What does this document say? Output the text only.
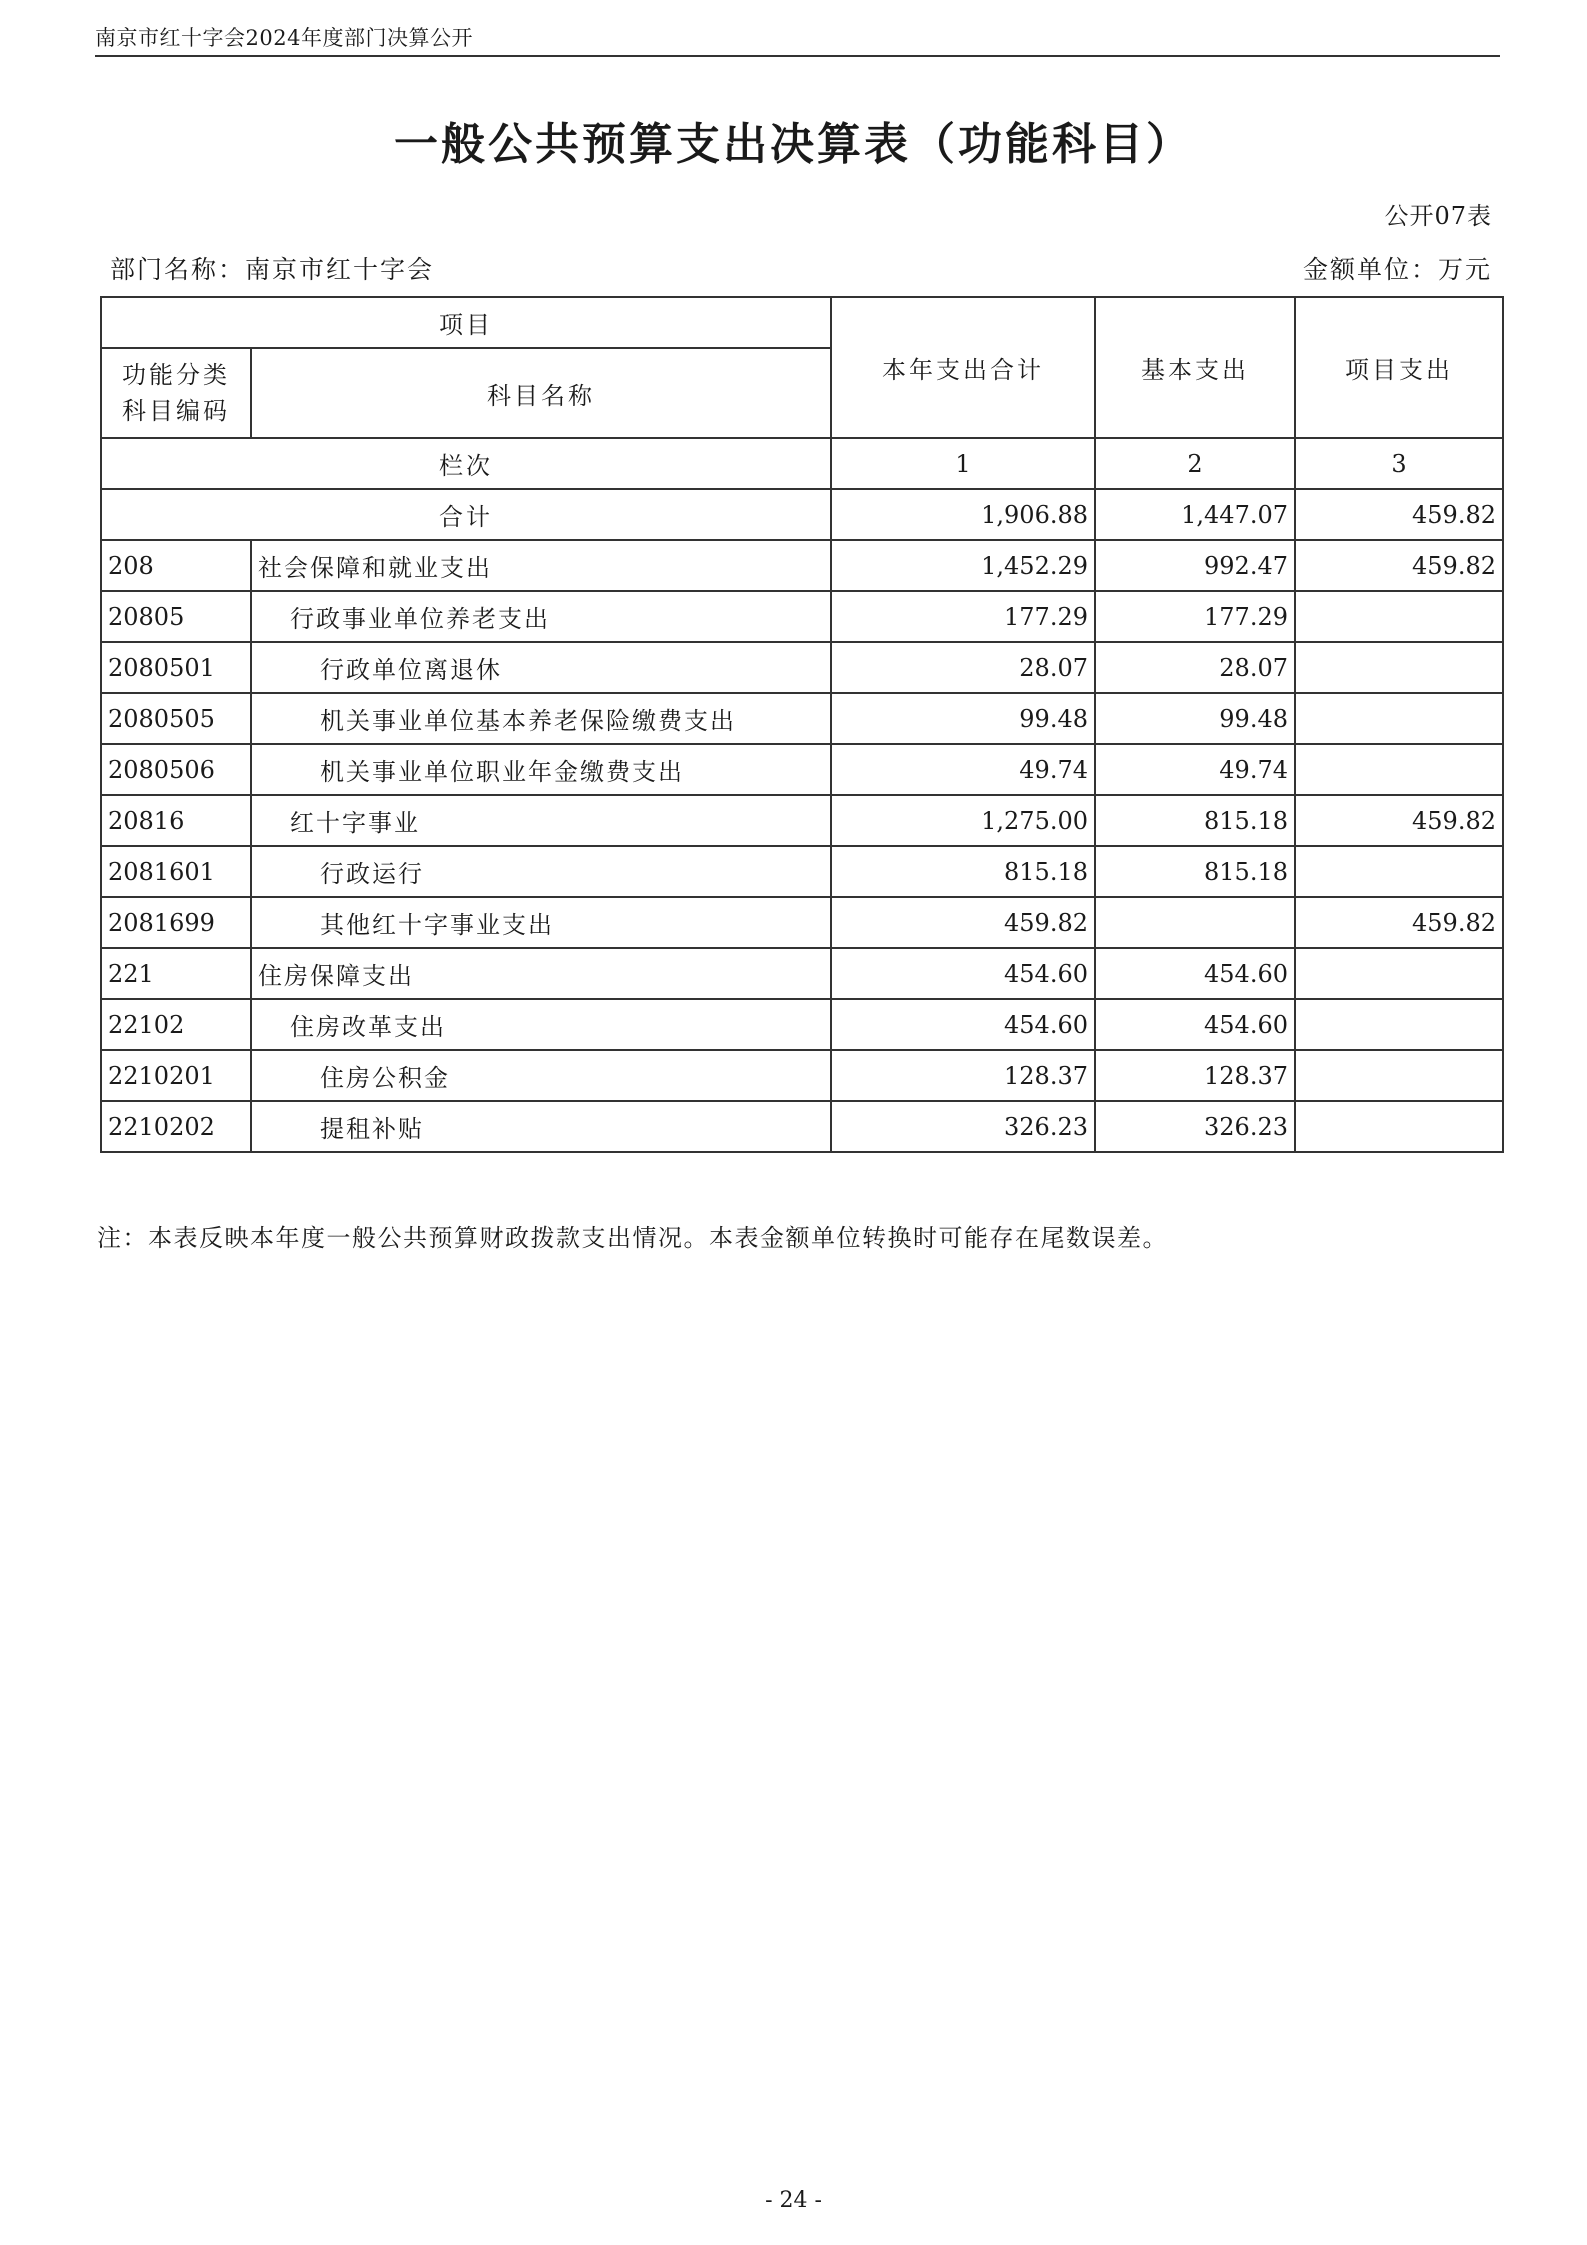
南京市红十字会2024年度部门决算公开
一般公共预算支出决算表（功能科目）
公开07表
部门名称：南京市红十字会	金额单位：万元
项目		本年支出合计	基本支出	项目支出

功能分类
科目编码	科目名称			
栏次		1	2	3
合计		1,906.88	1,447.07	459.82
208	社会保障和就业支出	1,452.29	992.47	459.82
20805	行政事业单位养老支出	177.29	177.29	
2080501	行政单位离退休	28.07	28.07	
2080505	机关事业单位基本养老保险缴费支出	99.48	99.48	
2080506	机关事业单位职业年金缴费支出	49.74	49.74	
20816	红十字事业	1,275.00	815.18	459.82
2081601	行政运行	815.18	815.18	
2081699	其他红十字事业支出	459.82		459.82
221	住房保障支出	454.60	454.60	
22102	住房改革支出	454.60	454.60	
2210201	住房公积金	128.37	128.37	
2210202	提租补贴	326.23	326.23	
注：本表反映本年度一般公共预算财政拨款支出情况。本表金额单位转换时可能存在尾数误差。
- 24 -
